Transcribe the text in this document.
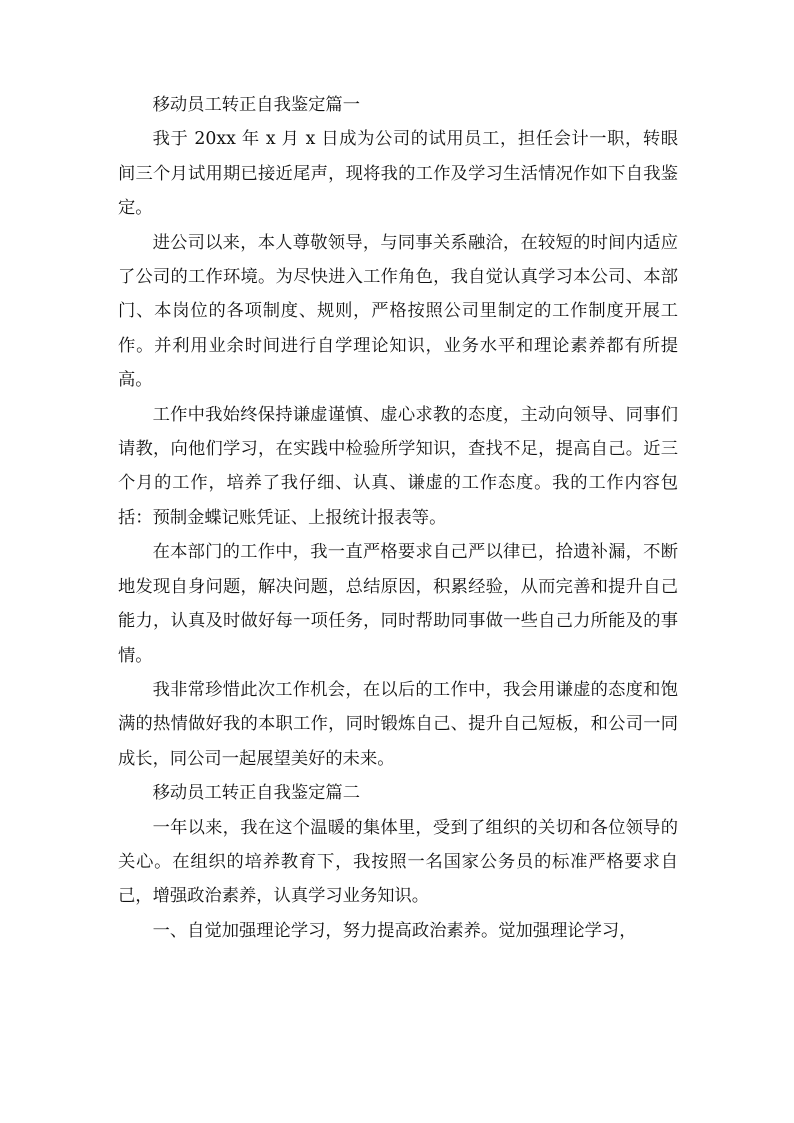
移动员工转正自我鉴定篇一

我于 20xx 年 x 月 x 日成为公司的试用员工，担任会计一职，转眼间三个月试用期已接近尾声，现将我的工作及学习生活情况作如下自我鉴定。

进公司以来，本人尊敬领导，与同事关系融洽，在较短的时间内适应了公司的工作环境。为尽快进入工作角色，我自觉认真学习本公司、本部门、本岗位的各项制度、规则，严格按照公司里制定的工作制度开展工作。并利用业余时间进行自学理论知识，业务水平和理论素养都有所提高。

工作中我始终保持谦虚谨慎、虚心求教的态度，主动向领导、同事们请教，向他们学习，在实践中检验所学知识，查找不足，提高自己。近三个月的工作，培养了我仔细、认真、谦虚的工作态度。我的工作内容包括：预制金蝶记账凭证、上报统计报表等。

在本部门的工作中，我一直严格要求自己严以律已，拾遗补漏，不断地发现自身问题，解决问题，总结原因，积累经验，从而完善和提升自己能力，认真及时做好每一项任务，同时帮助同事做一些自己力所能及的事情。

我非常珍惜此次工作机会，在以后的工作中，我会用谦虚的态度和饱满的热情做好我的本职工作，同时锻炼自己、提升自己短板，和公司一同成长，同公司一起展望美好的未来。

移动员工转正自我鉴定篇二

一年以来，我在这个温暖的集体里，受到了组织的关切和各位领导的关心。在组织的培养教育下，我按照一名国家公务员的标准严格要求自己，增强政治素养，认真学习业务知识。

一、自觉加强理论学习，努力提高政治素养。觉加强理论学习，
